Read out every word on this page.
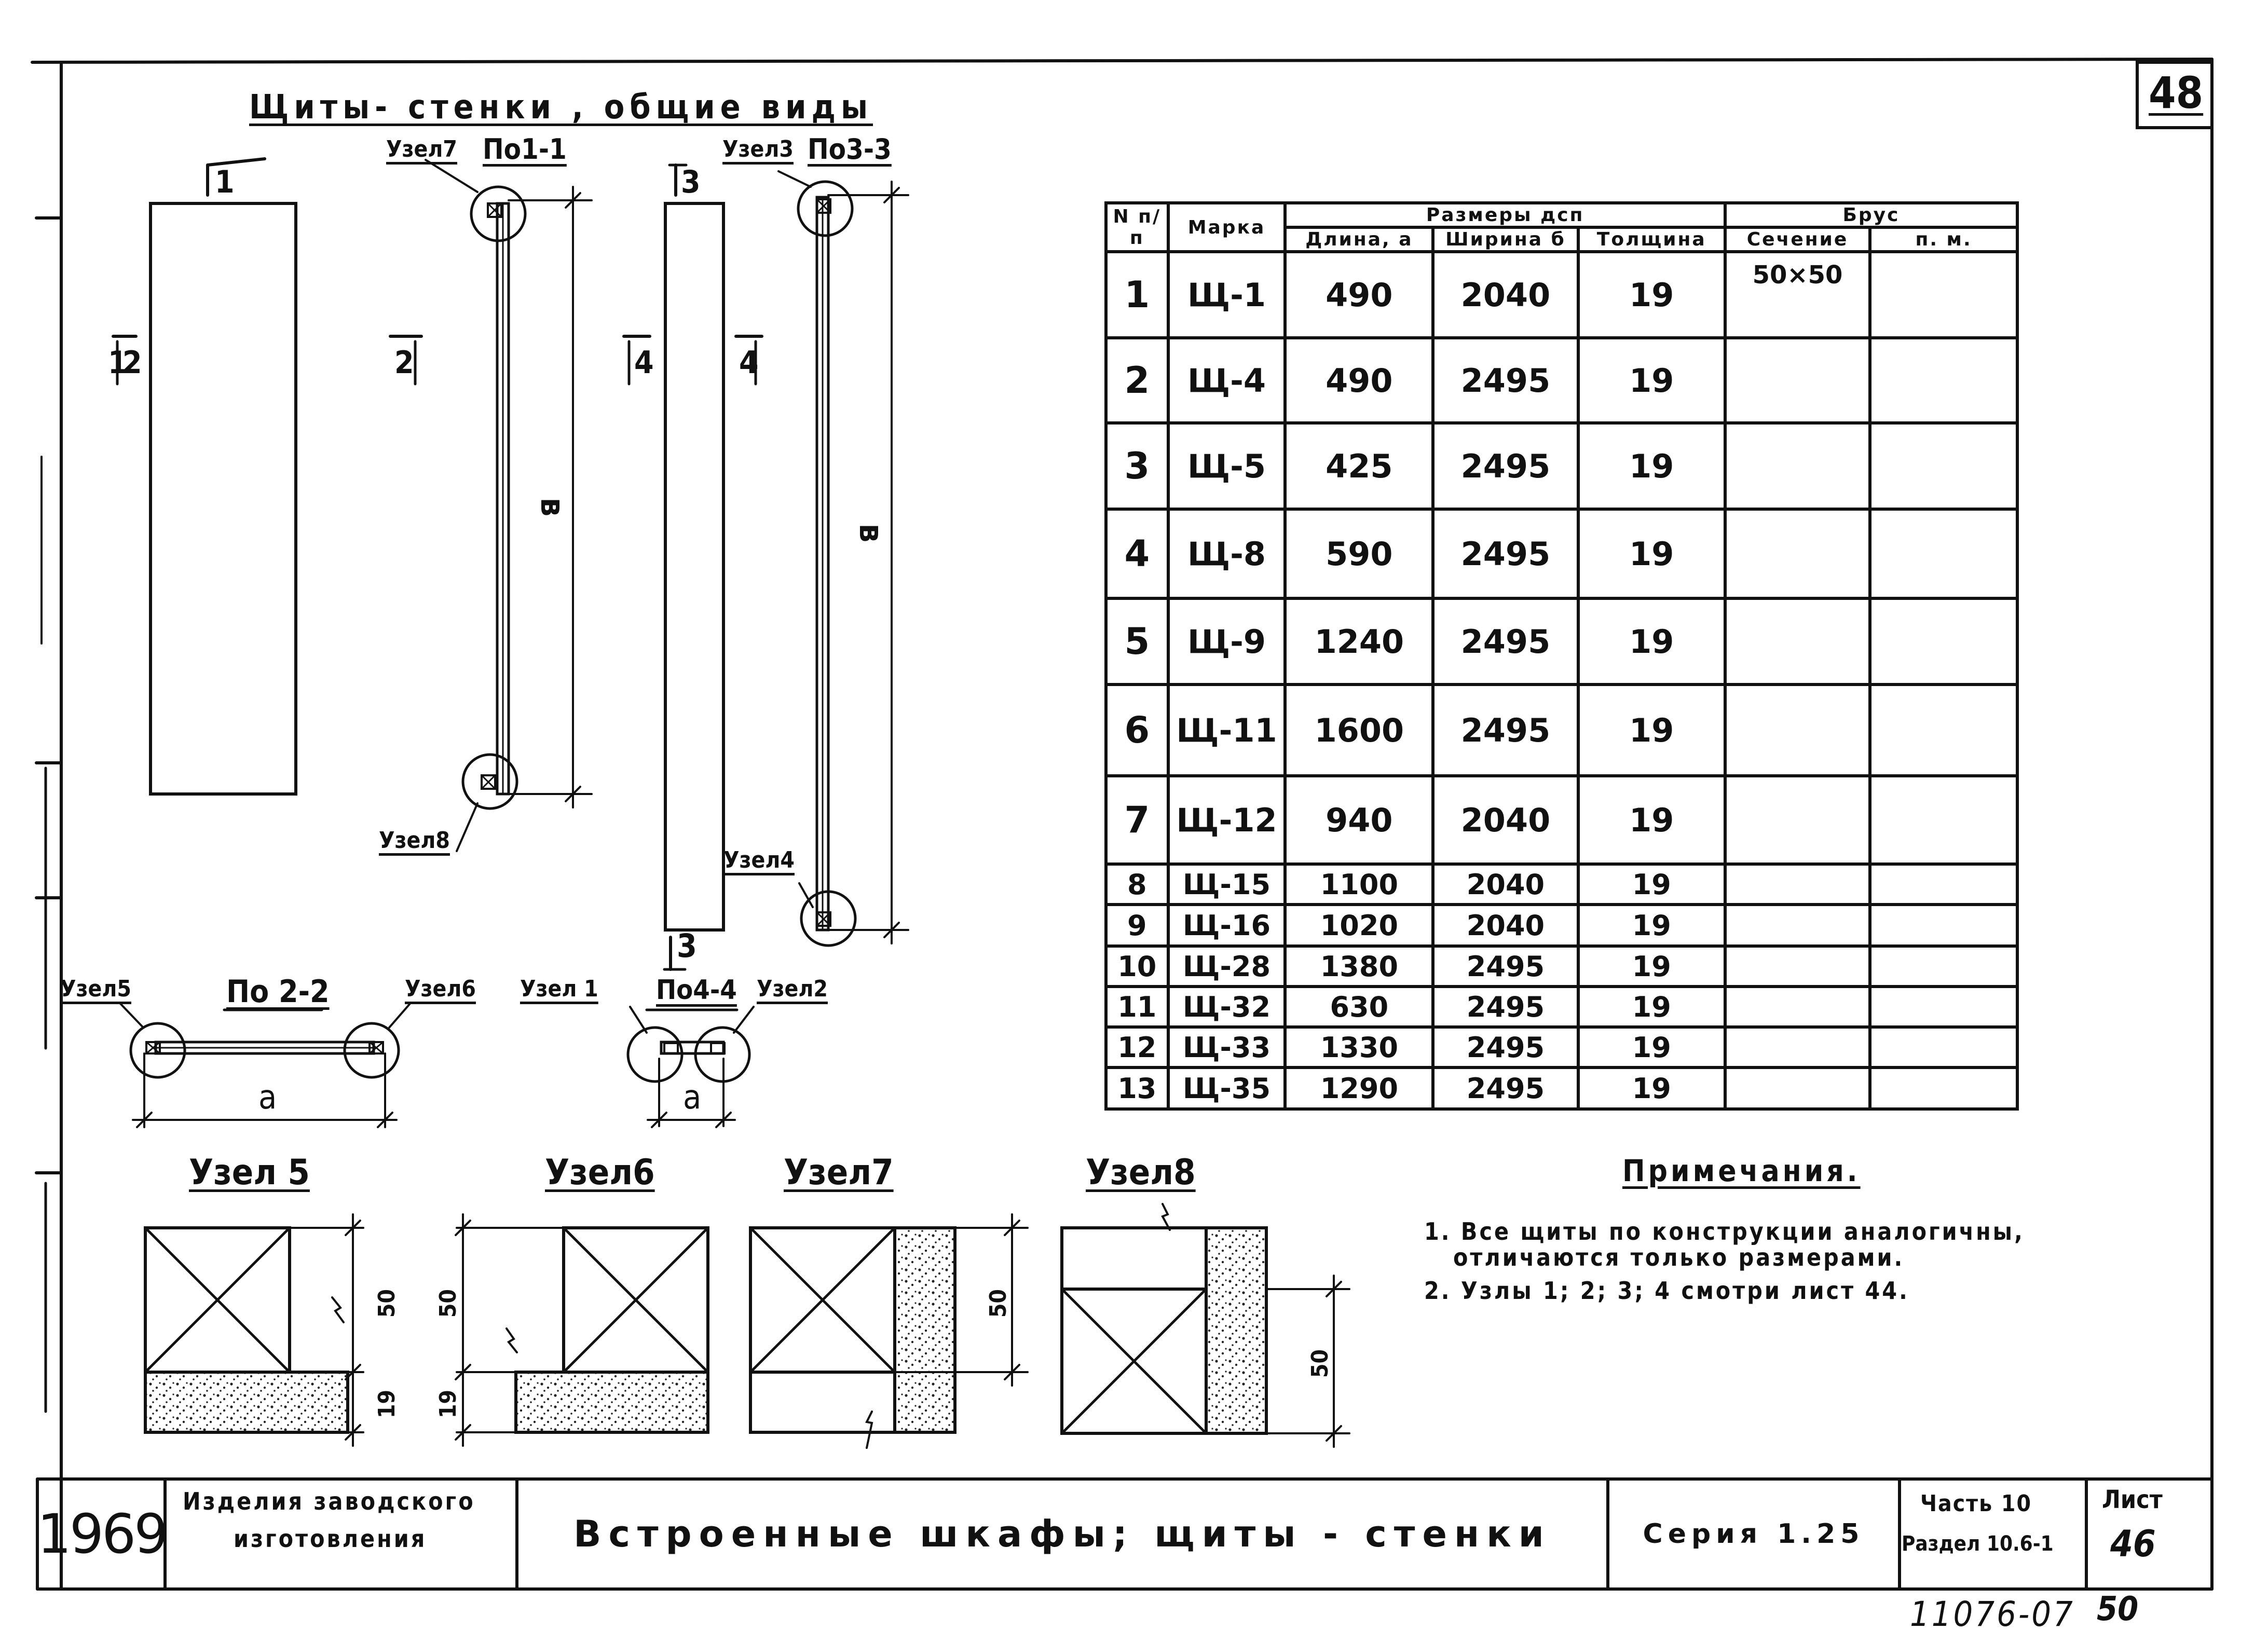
48
Щиты- стенки , общие виды
Узел7 По1-1	Узел3 По3-3
Узел8
Узел4
По 2-2	По4-4
Узел5	Узел6 Узел 1	Узел2
a	a
в
в
1
1
2	2
3
3
4	4
N п/п	Марка	Размеры дсп			Брус	
		Длина, а	Ширина б	Толщина	Сечение	п. м.
1	Щ-1	490	2040	19	50×50	
2	Щ-4	490	2495	19		
3	Щ-5	425	2495	19		
4	Щ-8	590	2495	19		
5	Щ-9	1240	2495	19		
6	Щ-11	1600	2495	19		
7	Щ-12	940	2040	19		
8	Щ-15	1100	2040	19		
9	Щ-16	1020	2040	19		
10	Щ-28	1380	2495	19		
11	Щ-32	630	2495	19		
12	Щ-33	1330	2495	19		
13	Щ-35	1290	2495	19		
Узел 5	Узел6	Узел7	Узел8
50
19
50
19
50
50
Примечания.
1. Все щиты по конструкции аналогичны,
отличаются только размерами.
2. Узлы 1; 2; 3; 4 смотри лист 44.
1969
Изделия заводского
изготовления	Встроенные шкафы; щиты - стенки	Серия 1.25
Часть 10
Раздел 10.6-1
Лист
46
11076-07 50
